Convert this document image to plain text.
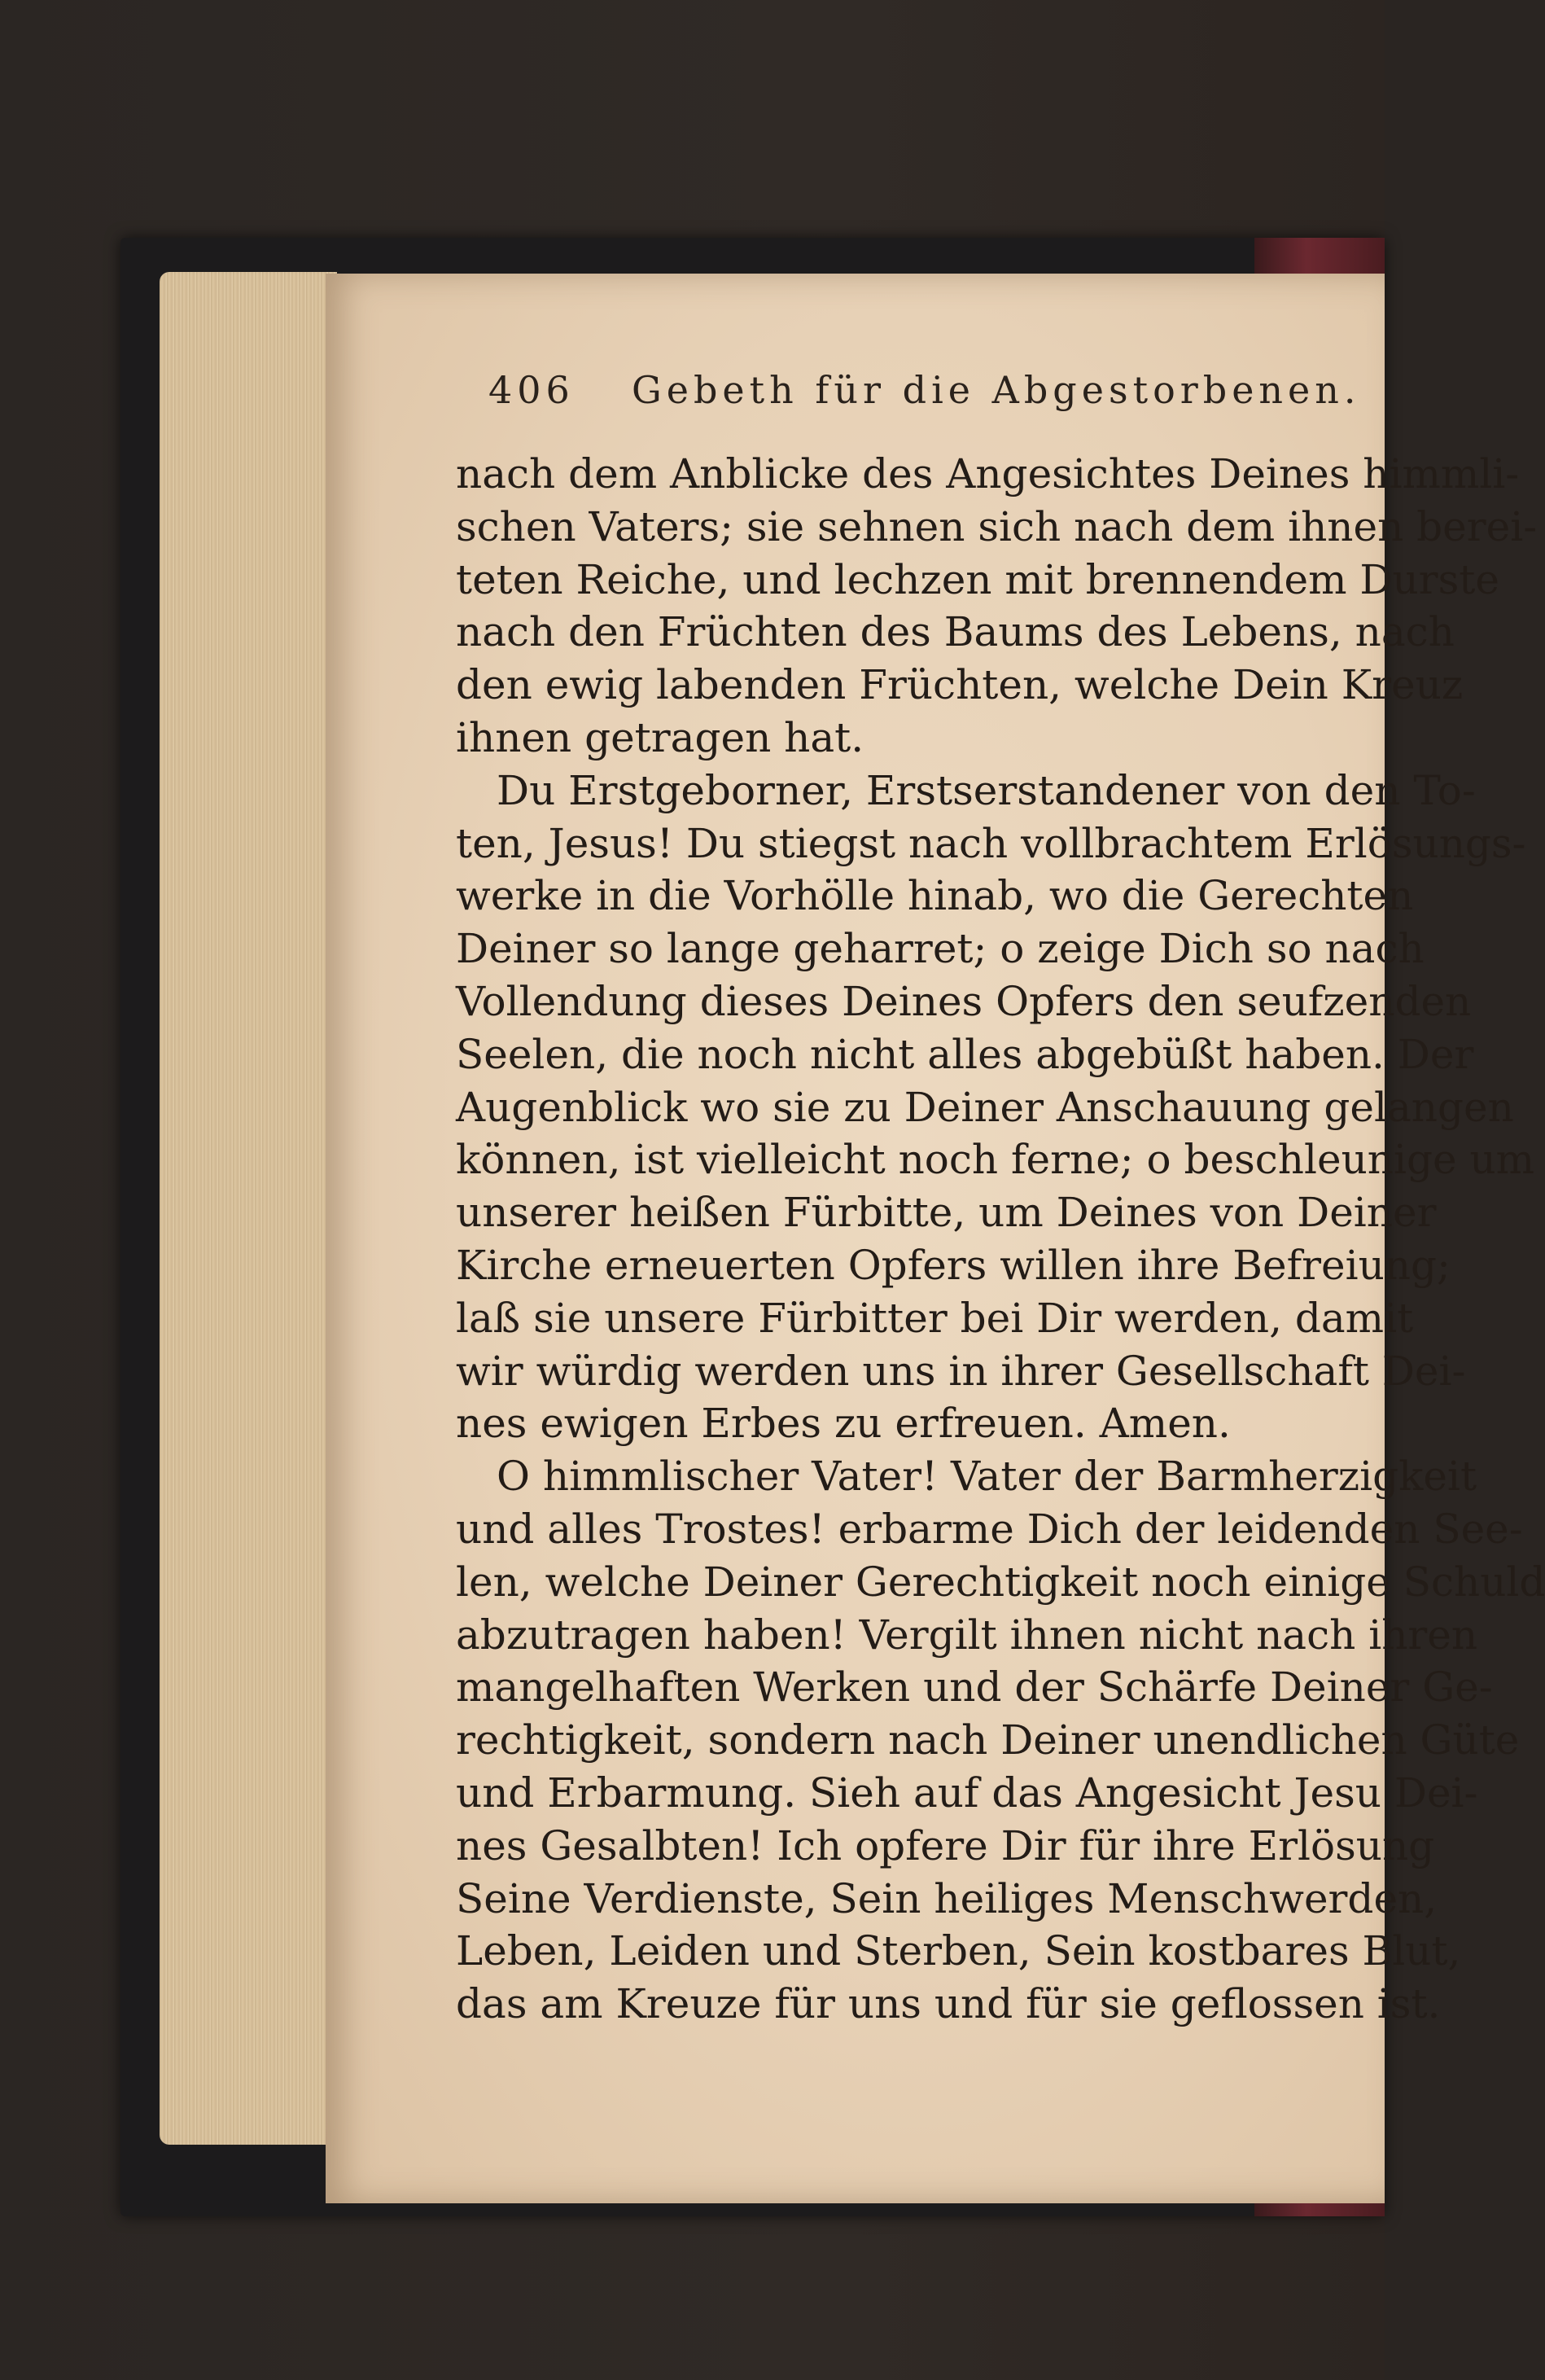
406 Gebeth für die Abgestorbenen.
nach dem Anblicke des Angesichtes Deines himmli-
schen Vaters; sie sehnen sich nach dem ihnen berei-
teten Reiche, und lechzen mit brennendem Durste
nach den Früchten des Baums des Lebens, nach
den ewig labenden Früchten, welche Dein Kreuz
ihnen getragen hat.
Du Erstgeborner, Erstserstandener von den To-
ten, Jesus! Du stiegst nach vollbrachtem Erlösungs-
werke in die Vorhölle hinab, wo die Gerechten
Deiner so lange geharret; o zeige Dich so nach
Vollendung dieses Deines Opfers den seufzenden
Seelen, die noch nicht alles abgebüßt haben. Der
Augenblick wo sie zu Deiner Anschauung gelangen
können, ist vielleicht noch ferne; o beschleunige um
unserer heißen Fürbitte, um Deines von Deiner
Kirche erneuerten Opfers willen ihre Befreiung;
laß sie unsere Fürbitter bei Dir werden, damit
wir würdig werden uns in ihrer Gesellschaft Dei-
nes ewigen Erbes zu erfreuen. Amen.
O himmlischer Vater! Vater der Barmherzigkeit
und alles Trostes! erbarme Dich der leidenden See-
len, welche Deiner Gerechtigkeit noch einige Schuld
abzutragen haben! Vergilt ihnen nicht nach ihren
mangelhaften Werken und der Schärfe Deiner Ge-
rechtigkeit, sondern nach Deiner unendlichen Güte
und Erbarmung. Sieh auf das Angesicht Jesu Dei-
nes Gesalbten! Ich opfere Dir für ihre Erlösung
Seine Verdienste, Sein heiliges Menschwerden,
Leben, Leiden und Sterben, Sein kostbares Blut,
das am Kreuze für uns und für sie geflossen ist.
